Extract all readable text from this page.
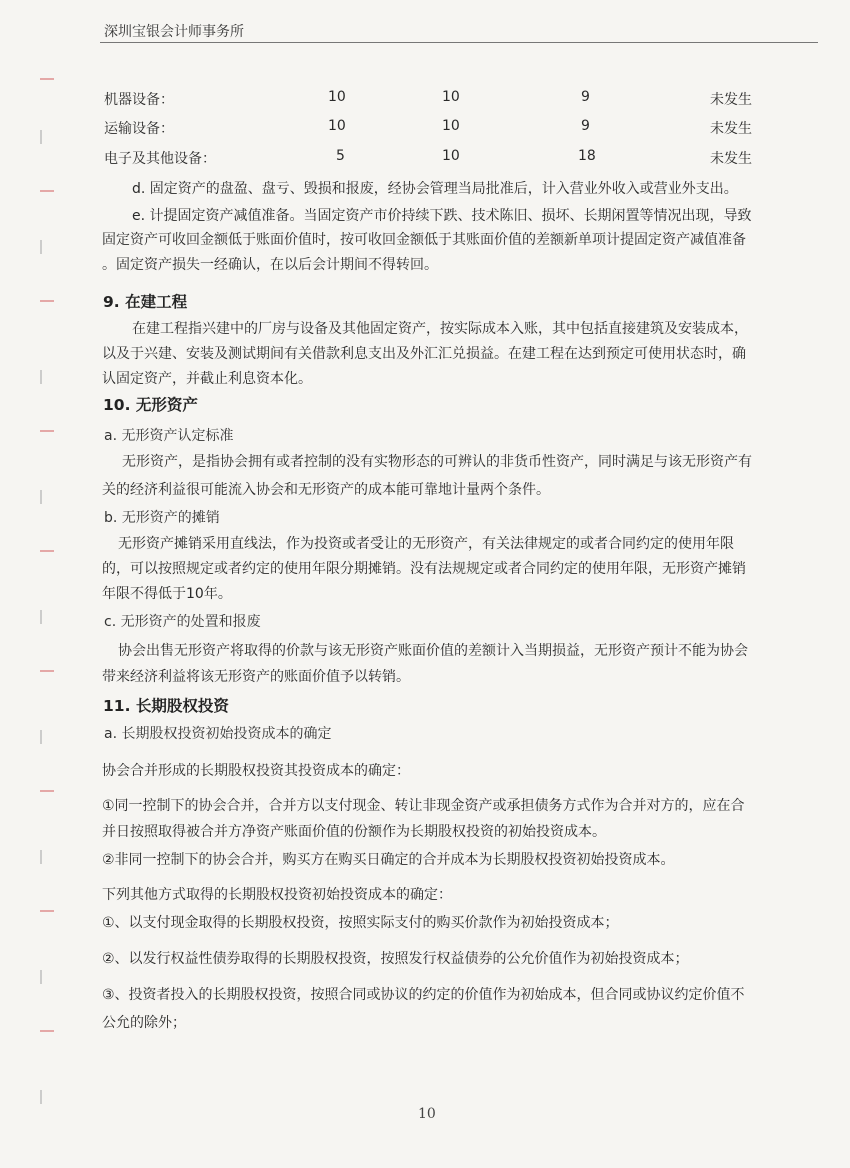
深圳宝银会计师事务所
机器设备：	10	10	9	未发生
运输设备：	10	10	9	未发生
电子及其他设备：	5	10	18	未发生
d. 固定资产的盘盈、盘亏、毁损和报废，经协会管理当局批准后，计入营业外收入或营业外支出。
e. 计提固定资产减值准备。当固定资产市价持续下跌、技术陈旧、损坏、长期闲置等情况出现，导致
固定资产可收回金额低于账面价值时，按可收回金额低于其账面价值的差额新单项计提固定资产减值准备
。固定资产损失一经确认，在以后会计期间不得转回。
9. 在建工程
在建工程指兴建中的厂房与设备及其他固定资产，按实际成本入账，其中包括直接建筑及安装成本，
以及于兴建、安装及测试期间有关借款利息支出及外汇汇兑损益。在建工程在达到预定可使用状态时，确
认固定资产，并截止利息资本化。
10. 无形资产
a. 无形资产认定标准
无形资产，是指协会拥有或者控制的没有实物形态的可辨认的非货币性资产，同时满足与该无形资产有
关的经济利益很可能流入协会和无形资产的成本能可靠地计量两个条件。
b. 无形资产的摊销
无形资产摊销采用直线法，作为投资或者受让的无形资产，有关法律规定的或者合同约定的使用年限
的，可以按照规定或者约定的使用年限分期摊销。没有法规规定或者合同约定的使用年限，无形资产摊销
年限不得低于10年。
c. 无形资产的处置和报废
协会出售无形资产将取得的价款与该无形资产账面价值的差额计入当期损益，无形资产预计不能为协会
带来经济利益将该无形资产的账面价值予以转销。
11. 长期股权投资
a. 长期股权投资初始投资成本的确定
协会合并形成的长期股权投资其投资成本的确定：
①同一控制下的协会合并，合并方以支付现金、转让非现金资产或承担债务方式作为合并对方的，应在合
并日按照取得被合并方净资产账面价值的份额作为长期股权投资的初始投资成本。
②非同一控制下的协会合并，购买方在购买日确定的合并成本为长期股权投资初始投资成本。
下列其他方式取得的长期股权投资初始投资成本的确定：
①、以支付现金取得的长期股权投资，按照实际支付的购买价款作为初始投资成本；
②、以发行权益性债券取得的长期股权投资，按照发行权益债券的公允价值作为初始投资成本；
③、投资者投入的长期股权投资，按照合同或协议的约定的价值作为初始成本，但合同或协议约定价值不
公允的除外；
10
